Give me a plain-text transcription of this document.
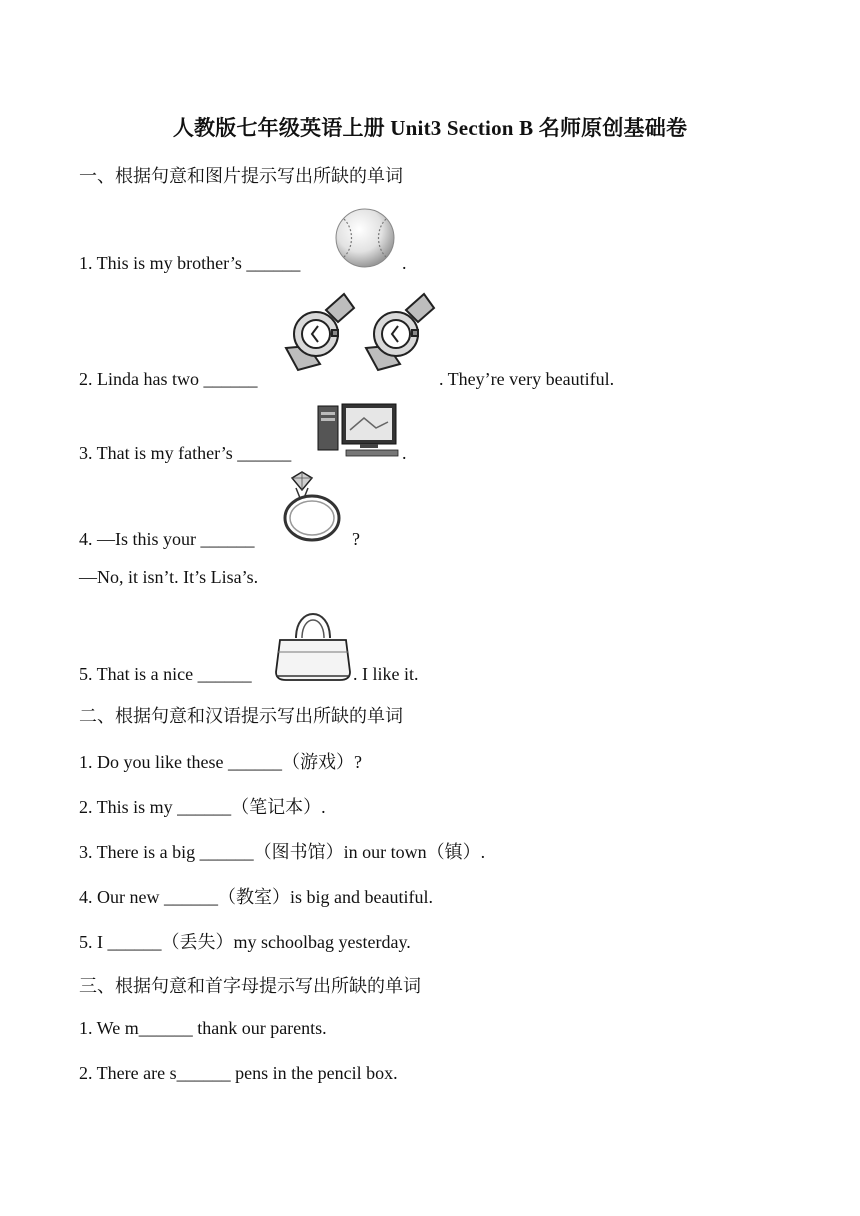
人教版七年级英语上册 Unit3 Section B 名师原创基础卷
一、根据句意和图片提示写出所缺的单词
1. This is my brother’s ______	.
2. Linda has two ______	. They’re very beautiful.
3. That is my father’s ______	.
4. —Is this your ______	?
—No, it isn’t. It’s Lisa’s.
5. That is a nice ______	. I like it.
二、根据句意和汉语提示写出所缺的单词
1. Do you like these ______（游戏）?
2. This is my ______（笔记本）.
3. There is a big ______（图书馆）in our town（镇）.
4. Our new ______（教室）is big and beautiful.
5. I ______（丢失）my schoolbag yesterday.
三、根据句意和首字母提示写出所缺的单词
1. We m______ thank our parents.
2. There are s______ pens in the pencil box.
